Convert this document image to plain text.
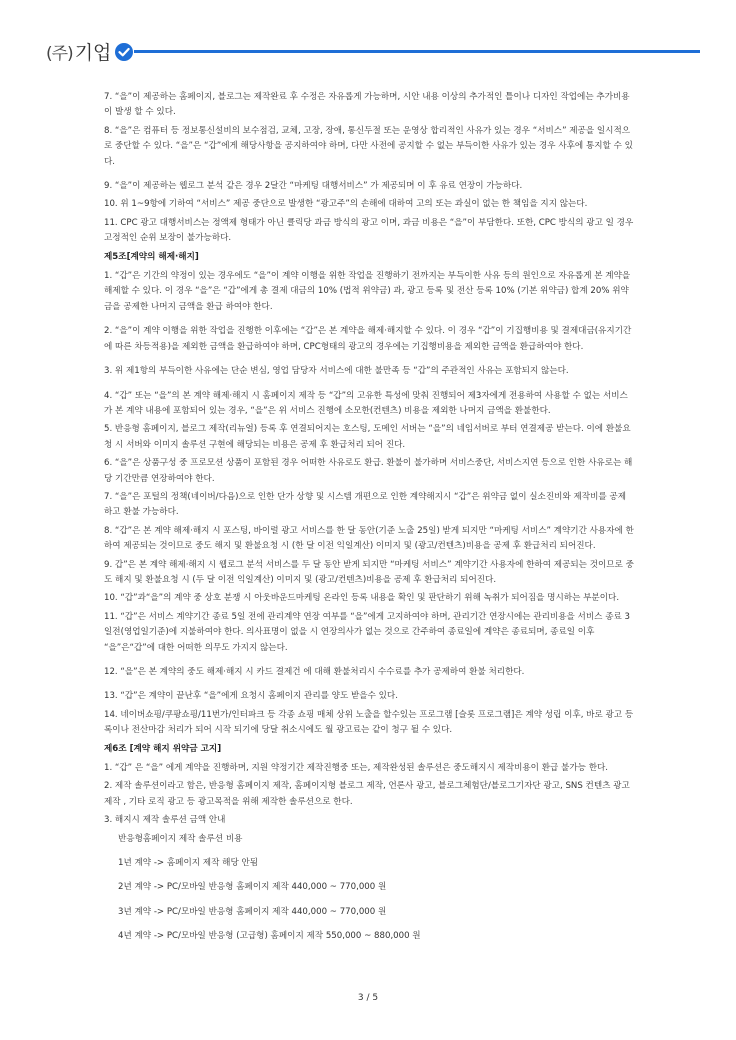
(주) 기업

7. “을”이 제공하는 홈페이지, 블로그는 제작완료 후 수정은 자유롭게 가능하며, 시안 내용 이상의 추가적인 틀이나 디자인 작업에는 추가비용이 발생 할 수 있다.

8. “을”은 컴퓨터 등 정보통신설비의 보수점검, 교체, 고장, 장애, 통신두절 또는 운영상 합리적인 사유가 있는 경우 “서비스” 제공을 일시적으로 중단할 수 있다. “을”은 “갑”에게 해당사항을 공지하여야 하며, 다만 사전에 공지할 수 없는 부득이한 사유가 있는 경우 사후에 통지할 수 있다.

9. “을”이 제공하는 웹로그 분석 같은 경우 2달간 “마케팅 대행서비스” 가 제공되며 이 후 유료 연장이 가능하다.

10. 위 1~9항에 기하여 “서비스” 제공 중단으로 발생한 “광고주”의 손해에 대하여 고의 또는 과실이 없는 한 책임을 지지 않는다.

11. CPC 광고 대행서비스는 정액제 형태가 아닌 클릭당 과금 방식의 광고 이며, 과금 비용은 “을”이 부담한다. 또한, CPC 방식의 광고 일 경우 고정적인 순위 보장이 불가능하다.

제5조[계약의 해제·해지]

1. “갑”은 기간의 약정이 있는 경우에도 “을”이 계약 이행을 위한 작업을 진행하기 전까지는 부득이한 사유 등의 원인으로 자유롭게 본 계약을 해제할 수 있다. 이 경우 “을”은 “갑”에게 총 결제 대금의 10% (법적 위약금) 과, 광고 등록 및 전산 등록 10% (기본 위약금) 합계 20% 위약금을 공제한 나머지 금액을 환급 하여야 한다.

2. “을”이 계약 이행을 위한 작업을 진행한 이후에는 “갑”은 본 계약을 해제·해지할 수 있다. 이 경우 “갑”이 기집행비용 및 결제대금(유지기간에 따른 차등적용)을 제외한 금액을 환급하여야 하며, CPC형태의 광고의 경우에는 기집행비용을 제외한 금액을 환급하여야 한다.

3. 위 제1항의 부득이한 사유에는 단순 변심, 영업 담당자 서비스에 대한 불만족 등 “갑”의 주관적인 사유는 포함되지 않는다.

4. “갑” 또는 “을”의 본 계약 해제·해지 시 홈페이지 제작 등 “갑”의 고유한 특성에 맞춰 진행되어 제3자에게 전용하여 사용할 수 없는 서비스가 본 계약 내용에 포함되어 있는 경우, “을”은 위 서비스 진행에 소모한(컨텐츠) 비용을 제외한 나머지 금액을 환불한다.

5. 반응형 홈페이지, 블로그 제작(리뉴얼) 등록 후 연결되어지는 호스팅, 도메인 서버는 “을”의 네임서버로 부터 연결제공 받는다. 이에 환불요청 시 서버와 이미지 솔루션 구현에 해당되는 비용은 공제 후 환급처리 되어 진다.

6. “을”은 상품구성 중 프로모션 상품이 포함된 경우 어떠한 사유로도 환급. 환불이 불가하며 서비스중단, 서비스지연 등으로 인한 사유로는 해당 기간만큼 연장하여야 한다.

7. “을”은 포털의 정책(네이버/다음)으로 인한 단가 상향 및 시스템 개편으로 인한 계약해지시 “갑”은 위약금 없이 실소진비와 제작비를 공제하고 환불 가능하다.

8. “갑”은 본 계약 해제·해지 시 포스팅, 바이럴 광고 서비스를 한 달 동안(기준 노출 25일) 받게 되지만 “마케팅 서비스” 계약기간 사용자에 한하여 제공되는 것이므로 중도 해지 및 환불요청 시 (한 달 이전 익일계산) 이미지 및 (광고/컨텐츠)비용을 공제 후 환급처리 되어진다.

9. 갑”은 본 계약 해제·해지 시 웹로그 분석 서비스를 두 달 동안 받게 되지만 “마케팅 서비스” 계약기간 사용자에 한하여 제공되는 것이므로 중도 해지 및 환불요청 시 (두 달 이전 익일계산) 이미지 및 (광고/컨텐츠)비용을 공제 후 환급처리 되어진다.

10. “갑”과“을”의 계약 중 상호 분쟁 시 아웃바운드마케팅 온라인 등록 내용을 확인 및 판단하기 위해 녹취가 되어짐을 명시하는 부분이다.

11. “갑”은 서비스 계약기간 종료 5일 전에 관리계약 연장 여부를 “을”에게 고지하여야 하며, 관리기간 연장시에는 관리비용을 서비스 종료 3일전(영업일기준)에 지불하여야 한다. 의사표명이 없을 시 연장의사가 없는 것으로 간주하여 종료일에 계약은 종료되며, 종료일 이후 “을”은“갑”에 대한 어떠한 의무도 가지지 않는다.

12. “을”은 본 계약의 중도 해제·해지 시 카드 결제건 에 대해 환불처리시 수수료를 추가 공제하여 환불 처리한다.

13. “갑”은 계약이 끝난후 “을”에게 요청시 홈페이지 관리를 양도 받을수 있다.

14. 네이버쇼핑/쿠팡쇼핑/11번가/인터파크 등 각종 쇼핑 매체 상위 노출을 할수있는 프로그램 [슬롯 프로그램]은 계약 성립 이후, 바로 광고 등록이나 전산마감 처리가 되어 시작 되기에 당달 취소시에도 월 광고료는 같이 청구 될 수 있다.

제6조 [계약 해지 위약금 고지]

1. “갑” 은 “을” 에게 계약을 진행하며, 지원 약정기간 제작진행중 또는, 제작완성된 솔루션은 중도해지시 제작비용이 환급 불가능 한다.

2. 제작 솔루션이라고 함은, 반응형 홈페이지 제작, 홈페이지형 블로그 제작, 언론사 광고, 블로그체험단/블로그기자단 광고, SNS 컨텐츠 광고 제작 , 기타 로직 광고 등 광고목적을 위해 제작한 솔루션으로 한다.

3. 해지시 제작 솔루션 금액 안내

반응형홈페이지 제작 솔루션 비용

1년 계약 -> 홈페이지 제작 해당 안됨

2년 계약 -> PC/모바일 반응형 홈페이지 제작 440,000 ~ 770,000 원

3년 계약 -> PC/모바일 반응형 홈페이지 제작 440,000 ~ 770,000 원

4년 계약 -> PC/모바일 반응형 (고급형) 홈페이지 제작 550,000 ~ 880,000 원

3 / 5
